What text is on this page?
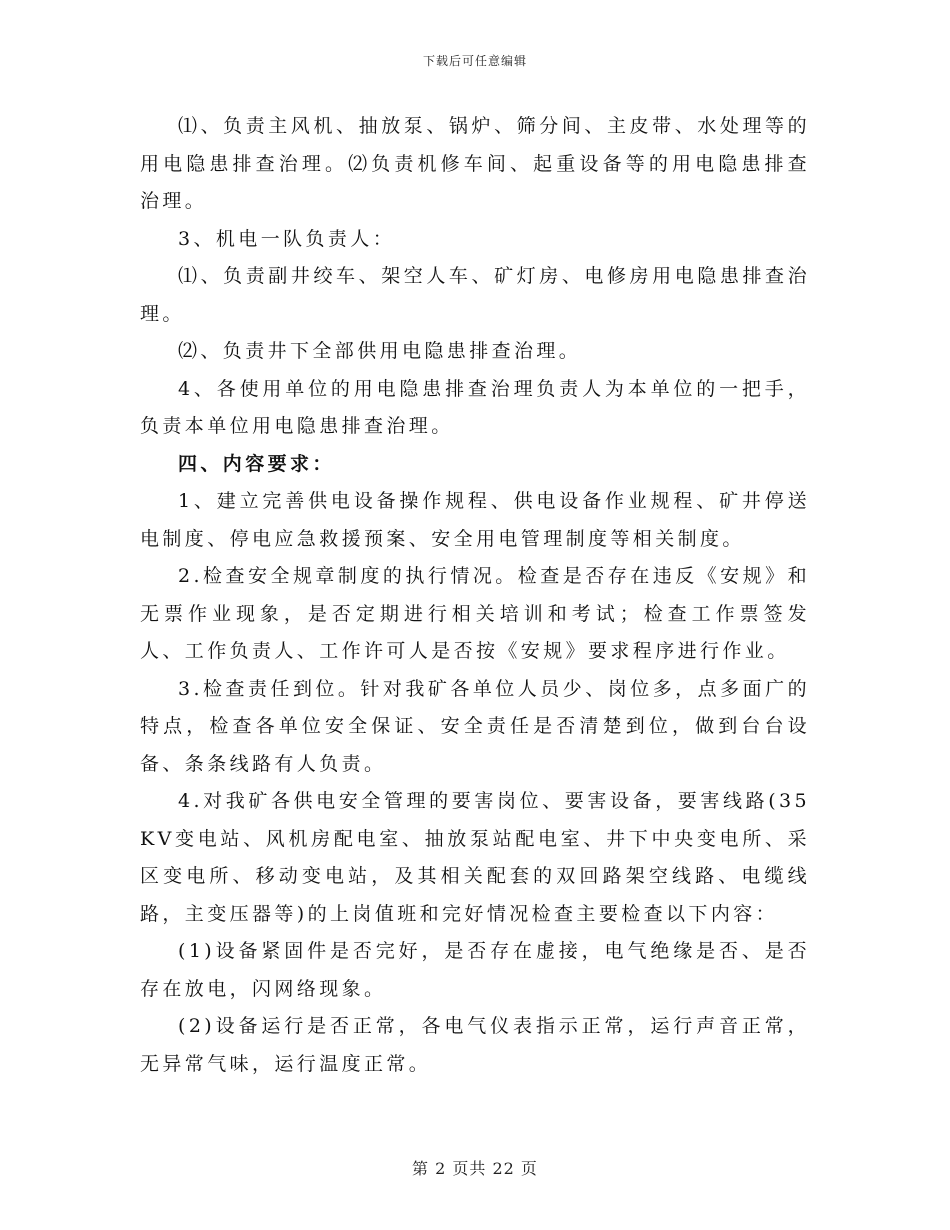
下载后可任意编辑

⑴、负责主风机、抽放泵、锅炉、筛分间、主皮带、水处理等的用电隐患排查治理。⑵负责机修车间、起重设备等的用电隐患排查治理。

3、机电一队负责人：

⑴、负责副井绞车、架空人车、矿灯房、电修房用电隐患排查治理。

⑵、负责井下全部供用电隐患排查治理。

4、各使用单位的用电隐患排查治理负责人为本单位的一把手，负责本单位用电隐患排查治理。

四、内容要求：

1、建立完善供电设备操作规程、供电设备作业规程、矿井停送电制度、停电应急救援预案、安全用电管理制度等相关制度。

2.检查安全规章制度的执行情况。检查是否存在违反《安规》和无票作业现象，是否定期进行相关培训和考试；检查工作票签发人、工作负责人、工作许可人是否按《安规》要求程序进行作业。

3.检查责任到位。针对我矿各单位人员少、岗位多，点多面广的特点，检查各单位安全保证、安全责任是否清楚到位，做到台台设备、条条线路有人负责。

4.对我矿各供电安全管理的要害岗位、要害设备，要害线路(35KV变电站、风机房配电室、抽放泵站配电室、井下中央变电所、采区变电所、移动变电站，及其相关配套的双回路架空线路、电缆线路，主变压器等)的上岗值班和完好情况检查主要检查以下内容：

(1)设备紧固件是否完好，是否存在虚接，电气绝缘是否、是否存在放电，闪网络现象。

(2)设备运行是否正常，各电气仪表指示正常，运行声音正常，无异常气味，运行温度正常。

第 2 页共 22 页
